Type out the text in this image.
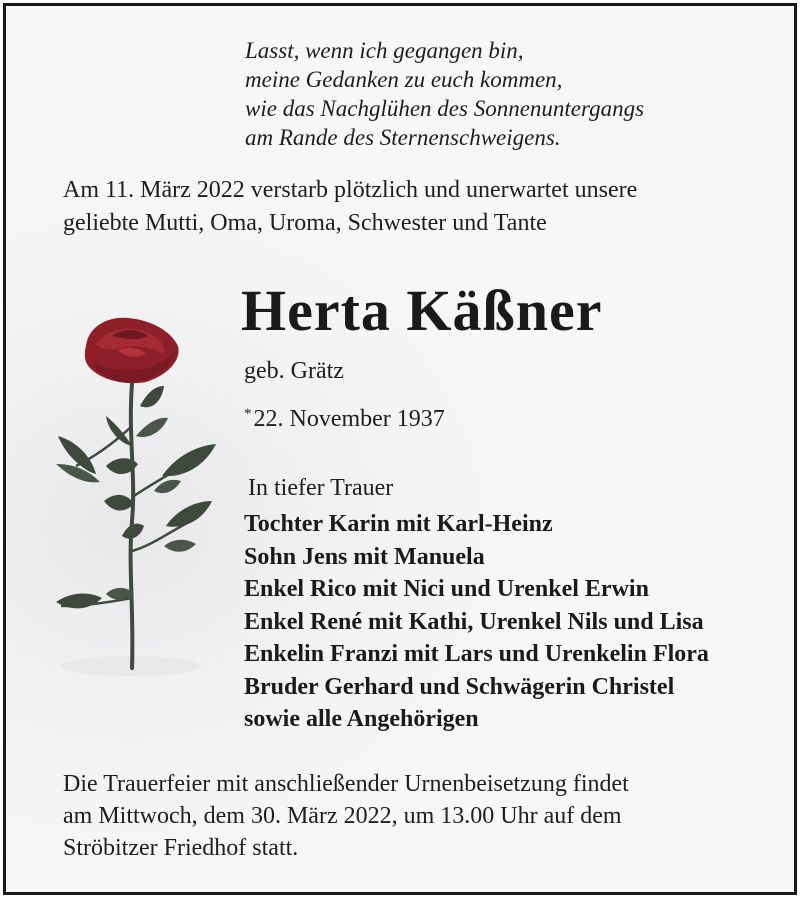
Lasst, wenn ich gegangen bin,
meine Gedanken zu euch kommen,
wie das Nachglühen des Sonnenuntergangs
am Rande des Sternenschweigens.
Am 11. März 2022 verstarb plötzlich und unerwartet unsere
geliebte Mutti, Oma, Uroma, Schwester und Tante
Herta Käßner
geb. Grätz
*22. November 1937
In tiefer Trauer
Tochter Karin mit Karl-Heinz
Sohn Jens mit Manuela
Enkel Rico mit Nici und Urenkel Erwin
Enkel René mit Kathi, Urenkel Nils und Lisa
Enkelin Franzi mit Lars und Urenkelin Flora
Bruder Gerhard und Schwägerin Christel
sowie alle Angehörigen
Die Trauerfeier mit anschließender Urnenbeisetzung findet
am Mittwoch, dem 30. März 2022, um 13.00 Uhr auf dem
Ströbitzer Friedhof statt.
